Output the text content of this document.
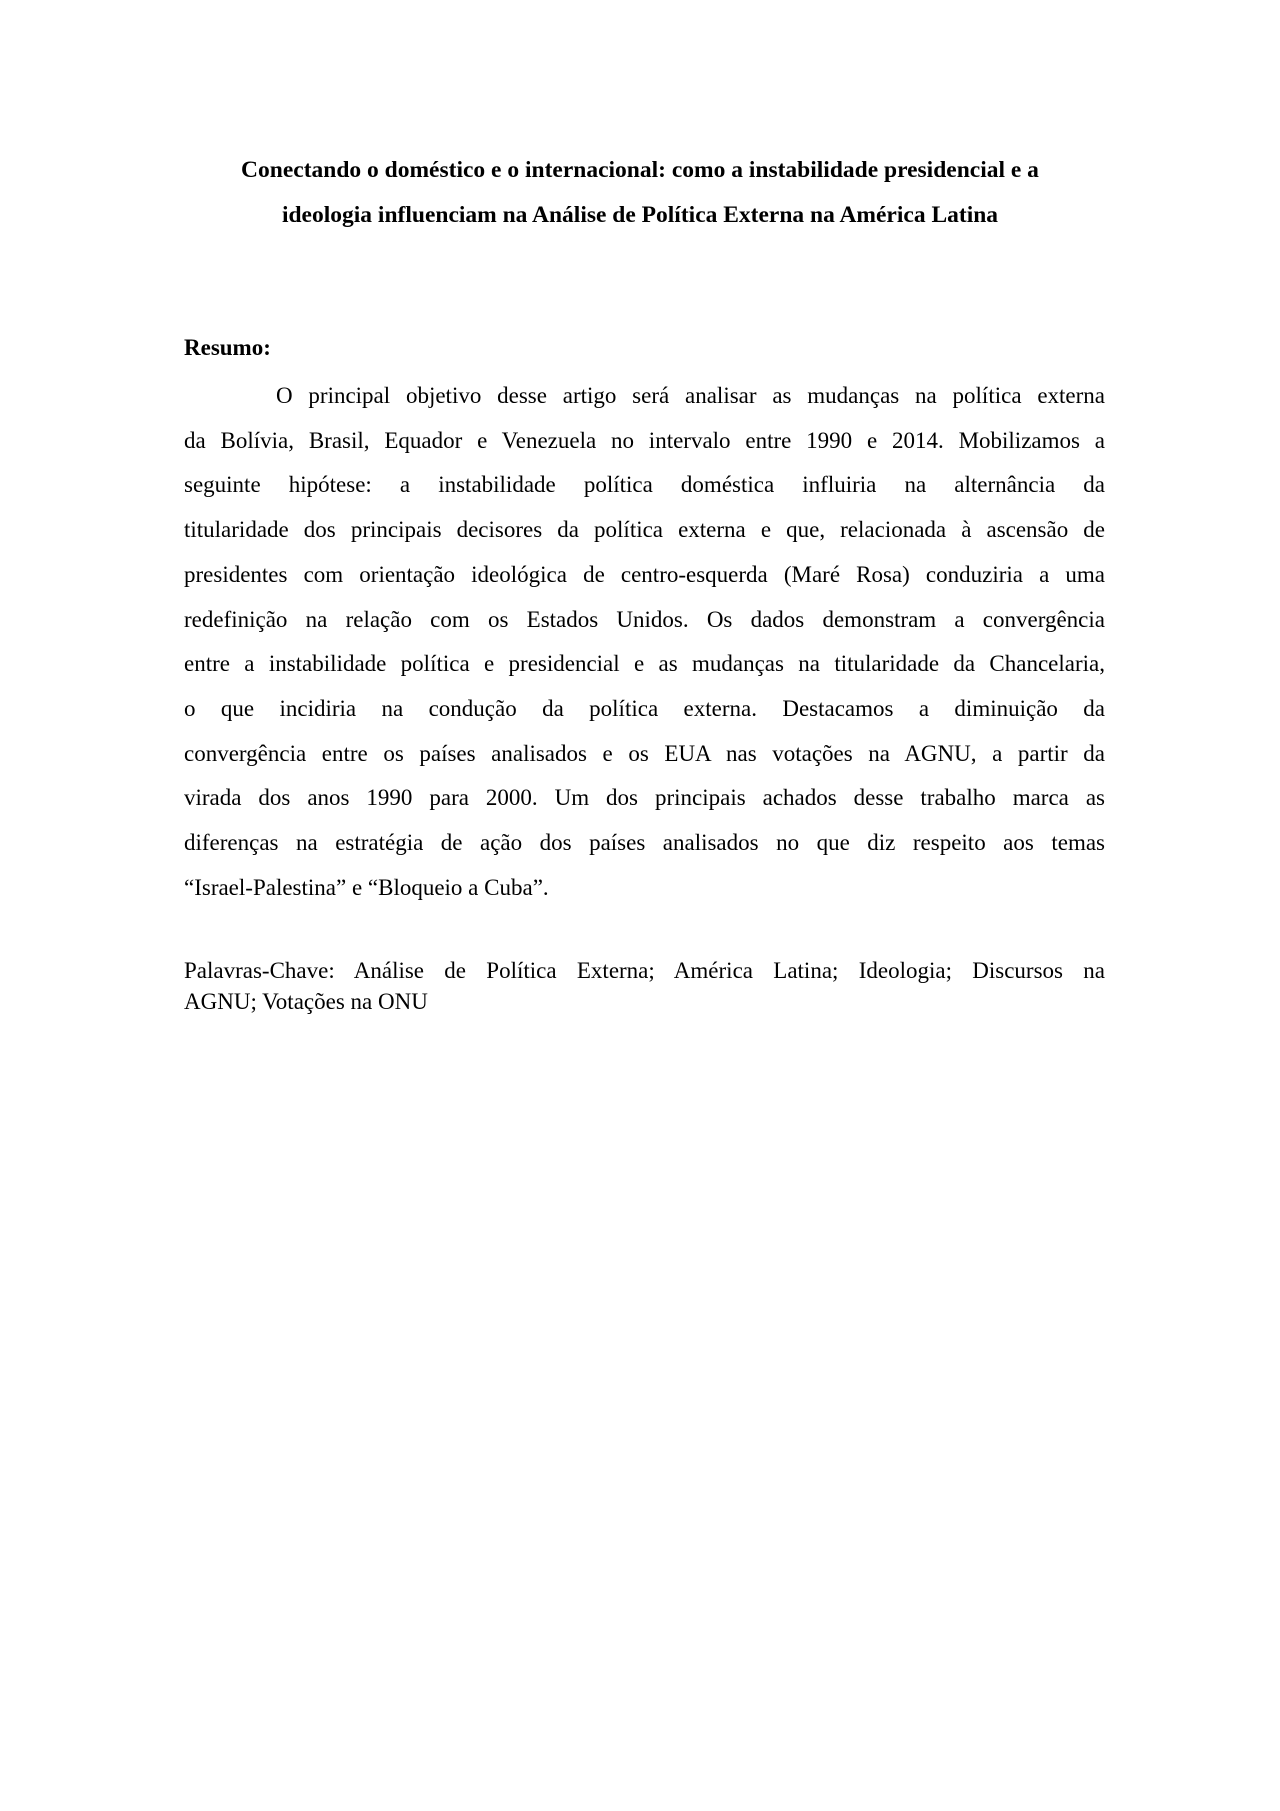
Conectando o doméstico e o internacional: como a instabilidade presidencial e a
ideologia influenciam na Análise de Política Externa na América Latina
Resumo:

O principal objetivo desse artigo será analisar as mudanças na política externa
da Bolívia, Brasil, Equador e Venezuela no intervalo entre 1990 e 2014. Mobilizamos a
seguinte hipótese: a instabilidade política doméstica influiria na alternância da
titularidade dos principais decisores da política externa e que, relacionada à ascensão de
presidentes com orientação ideológica de centro-esquerda (Maré Rosa) conduziria a uma
redefinição na relação com os Estados Unidos. Os dados demonstram a convergência
entre a instabilidade política e presidencial e as mudanças na titularidade da Chancelaria,
o que incidiria na condução da política externa. Destacamos a diminuição da
convergência entre os países analisados e os EUA nas votações na AGNU, a partir da
virada dos anos 1990 para 2000. Um dos principais achados desse trabalho marca as
diferenças na estratégia de ação dos países analisados no que diz respeito aos temas
“Israel-Palestina” e “Bloqueio a Cuba”.

Palavras-Chave: Análise de Política Externa; América Latina; Ideologia; Discursos na
AGNU; Votações na ONU
